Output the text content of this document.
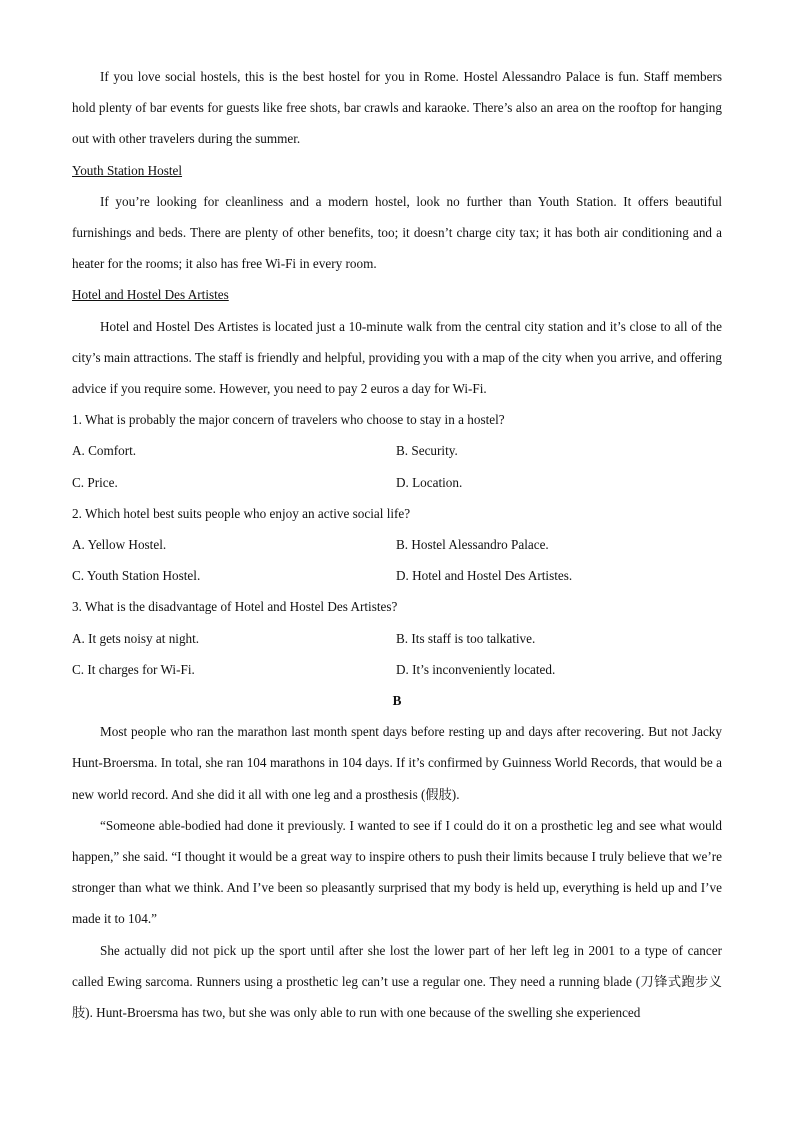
If you love social hostels, this is the best hostel for you in Rome. Hostel Alessandro Palace is fun. Staff members hold plenty of bar events for guests like free shots, bar crawls and karaoke. There’s also an area on the rooftop for hanging out with other travelers during the summer.

Youth Station Hostel

If you’re looking for cleanliness and a modern hostel, look no further than Youth Station. It offers beautiful furnishings and beds. There are plenty of other benefits, too; it doesn’t charge city tax; it has both air conditioning and a heater for the rooms; it also has free Wi-Fi in every room.

Hotel and Hostel Des Artistes

Hotel and Hostel Des Artistes is located just a 10-minute walk from the central city station and it’s close to all of the city’s main attractions. The staff is friendly and helpful, providing you with a map of the city when you arrive, and offering advice if you require some. However, you need to pay 2 euros a day for Wi-Fi.

1. What is probably the major concern of travelers who choose to stay in a hostel?

A. Comfort.	B. Security.
C. Price.	D. Location.

2. Which hotel best suits people who enjoy an active social life?

A. Yellow Hostel.	B. Hostel Alessandro Palace.
C. Youth Station Hostel.	D. Hotel and Hostel Des Artistes.

3. What is the disadvantage of Hotel and Hostel Des Artistes?

A. It gets noisy at night.	B. Its staff is too talkative.
C. It charges for Wi-Fi.	D. It’s inconveniently located.

B

Most people who ran the marathon last month spent days before resting up and days after recovering. But not Jacky Hunt-Broersma. In total, she ran 104 marathons in 104 days. If it’s confirmed by Guinness World Records, that would be a new world record. And she did it all with one leg and a prosthesis (假肢).

“Someone able-bodied had done it previously. I wanted to see if I could do it on a prosthetic leg and see what would happen,” she said. “I thought it would be a great way to inspire others to push their limits because I truly believe that we’re stronger than what we think. And I’ve been so pleasantly surprised that my body is held up, everything is held up and I’ve made it to 104.”

She actually did not pick up the sport until after she lost the lower part of her left leg in 2001 to a type of cancer called Ewing sarcoma. Runners using a prosthetic leg can’t use a regular one. They need a running blade (刀锋式跑步义肢). Hunt-Broersma has two, but she was only able to run with one because of the swelling she experienced
